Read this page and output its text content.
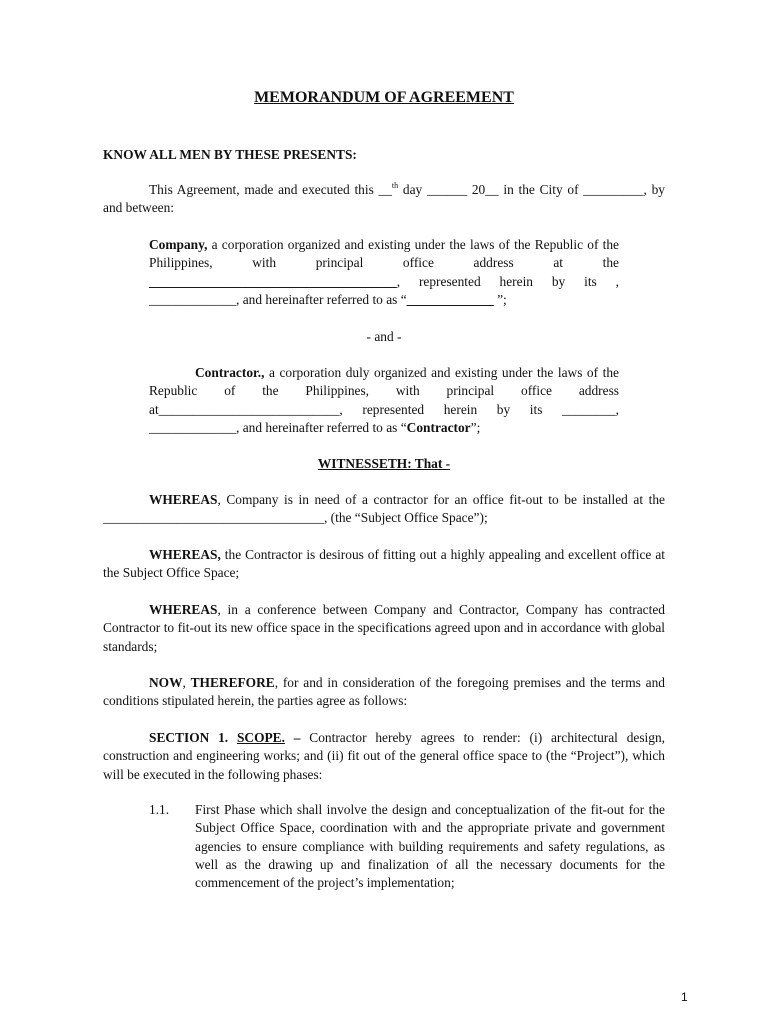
MEMORANDUM OF AGREEMENT
KNOW ALL MEN BY THESE PRESENTS:

This Agreement, made and executed this __$^{th}$ day ______ 20__ in the City of _________, by and between:

Company, a corporation organized and existing under the laws of the Republic of the Philippines, with principal office address at the _____________________________________, represented herein by its , _____________, and hereinafter referred to as “_____________ ”;

- and -

Contractor., a corporation duly organized and existing under the laws of the Republic of the Philippines, with principal office address at___________________________, represented herein by its ________, _____________, and hereinafter referred to as “Contractor”;

WITNESSETH: That -

WHEREAS, Company is in need of a contractor for an office fit-out to be installed at the _________________________________, (the “Subject Office Space”);

WHEREAS, the Contractor is desirous of fitting out a highly appealing and excellent office at the Subject Office Space;

WHEREAS, in a conference between Company and Contractor, Company has contracted Contractor to fit-out its new office space in the specifications agreed upon and in accordance with global standards;

NOW, THEREFORE, for and in consideration of the foregoing premises and the terms and conditions stipulated herein, the parties agree as follows:

SECTION 1. SCOPE. – Contractor hereby agrees to render: (i) architectural design, construction and engineering works; and (ii) fit out of the general office space to (the “Project”), which will be executed in the following phases:

1.1. First Phase which shall involve the design and conceptualization of the fit-out for the Subject Office Space, coordination with and the appropriate private and government agencies to ensure compliance with building requirements and safety regulations, as well as the drawing up and finalization of all the necessary documents for the commencement of the project’s implementation;

1
